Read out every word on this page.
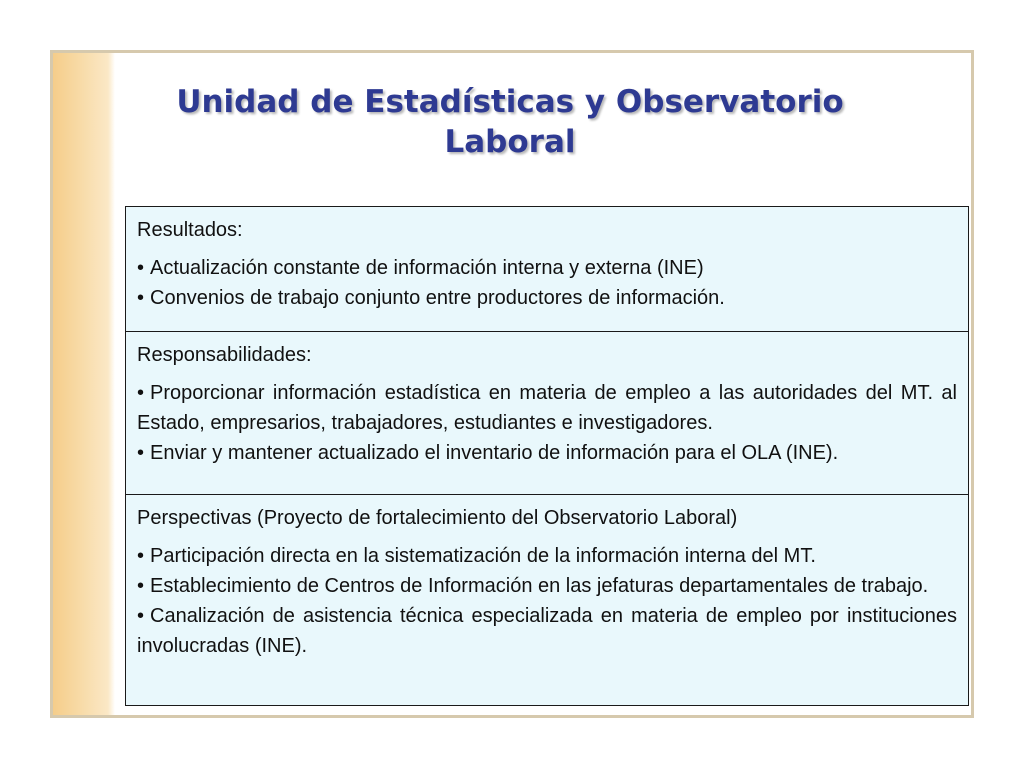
Unidad de Estadísticas y Observatorio Laboral

Resultados:

• Actualización constante de información interna y externa (INE)
• Convenios de trabajo conjunto entre productores de información.

Responsabilidades:

• Proporcionar información estadística en materia de empleo a las autoridades del MT. al Estado, empresarios, trabajadores, estudiantes e investigadores.
• Enviar y mantener actualizado el inventario de información para el OLA (INE).

Perspectivas (Proyecto de fortalecimiento del Observatorio Laboral)

• Participación directa en la sistematización de la información interna del MT.
• Establecimiento de Centros de Información en las jefaturas departamentales de trabajo.
• Canalización de asistencia técnica especializada en materia de empleo por instituciones involucradas (INE).
